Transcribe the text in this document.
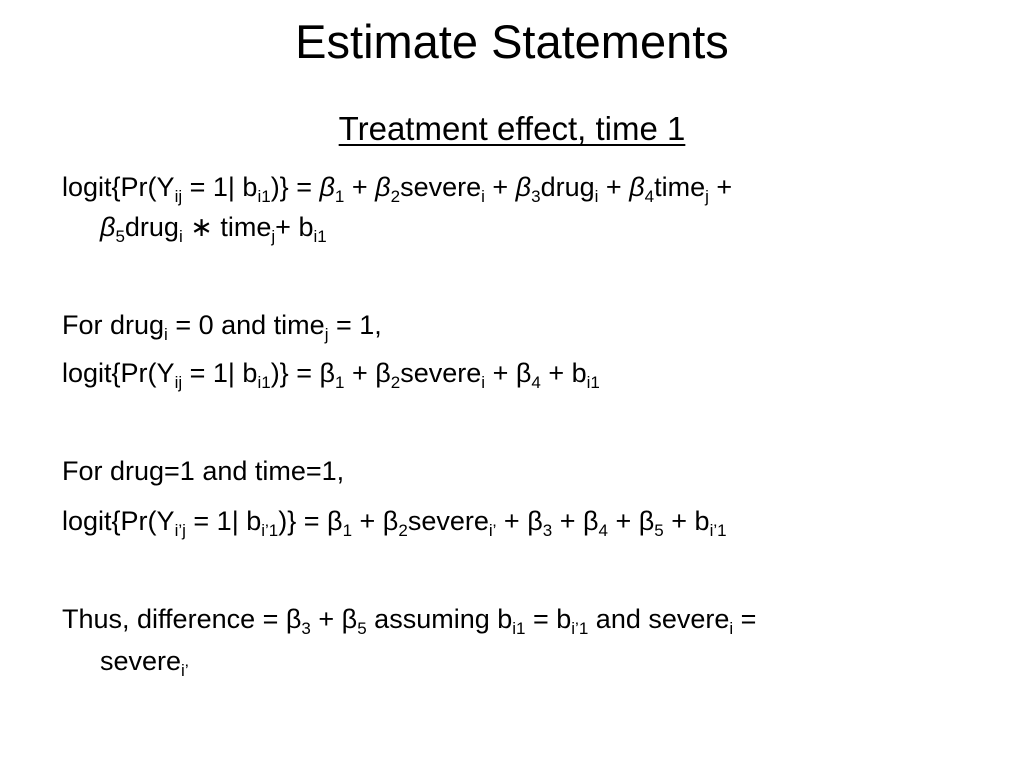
Estimate Statements
Treatment effect, time 1
$logit\{Pr(Y_{ij} = 1|$ $b_{i1})\} = \beta_1$ + $\beta_2severe_i$ + $\beta_3drug_i$ + $\beta_4time_j$ +
$\beta_5drug_i$ ∗ time$_j$+ $b_{i1}$
For drug$_i$ = 0 and time$_j$ = 1,
$logit\{Pr(Y_{ij} = 1|$ $b_{i1})\} = \beta_1$ + $\beta_2severe_i + \beta_4 + b_{i1}$
For drug=1 and time=1,
$logit\{Pr(Y_{i’j} = 1|$ $b_{i’1})\} = \beta_1$ + $\beta_2severe_{i’} + \beta_3 + \beta_4 + \beta_5 + b_{i’1}$
Thus, difference = $\beta_3 + \beta_5$ assuming $b_{i1} = b_{i’1}$ and severe$_i$ =
severe$_{i’}$
